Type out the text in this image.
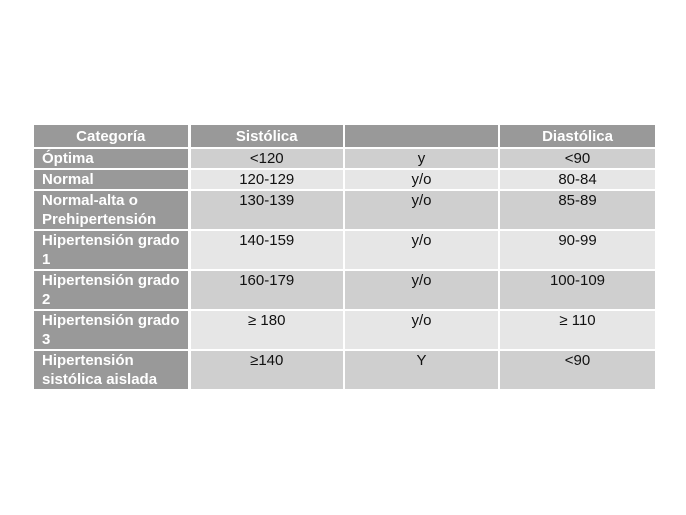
Categoría	Sistólica		Diastólica
Óptima	<120	y	<90
Normal	120-129	y/o	80-84
Normal-alta o Prehipertensión	130-139	y/o	85-89
Hipertensión grado 1	140-159	y/o	90-99
Hipertensión grado 2	160-179	y/o	100-109
Hipertensión grado 3	≥ 180	y/o	≥ 110
Hipertensión sistólica aislada	≥140	Y	<90
